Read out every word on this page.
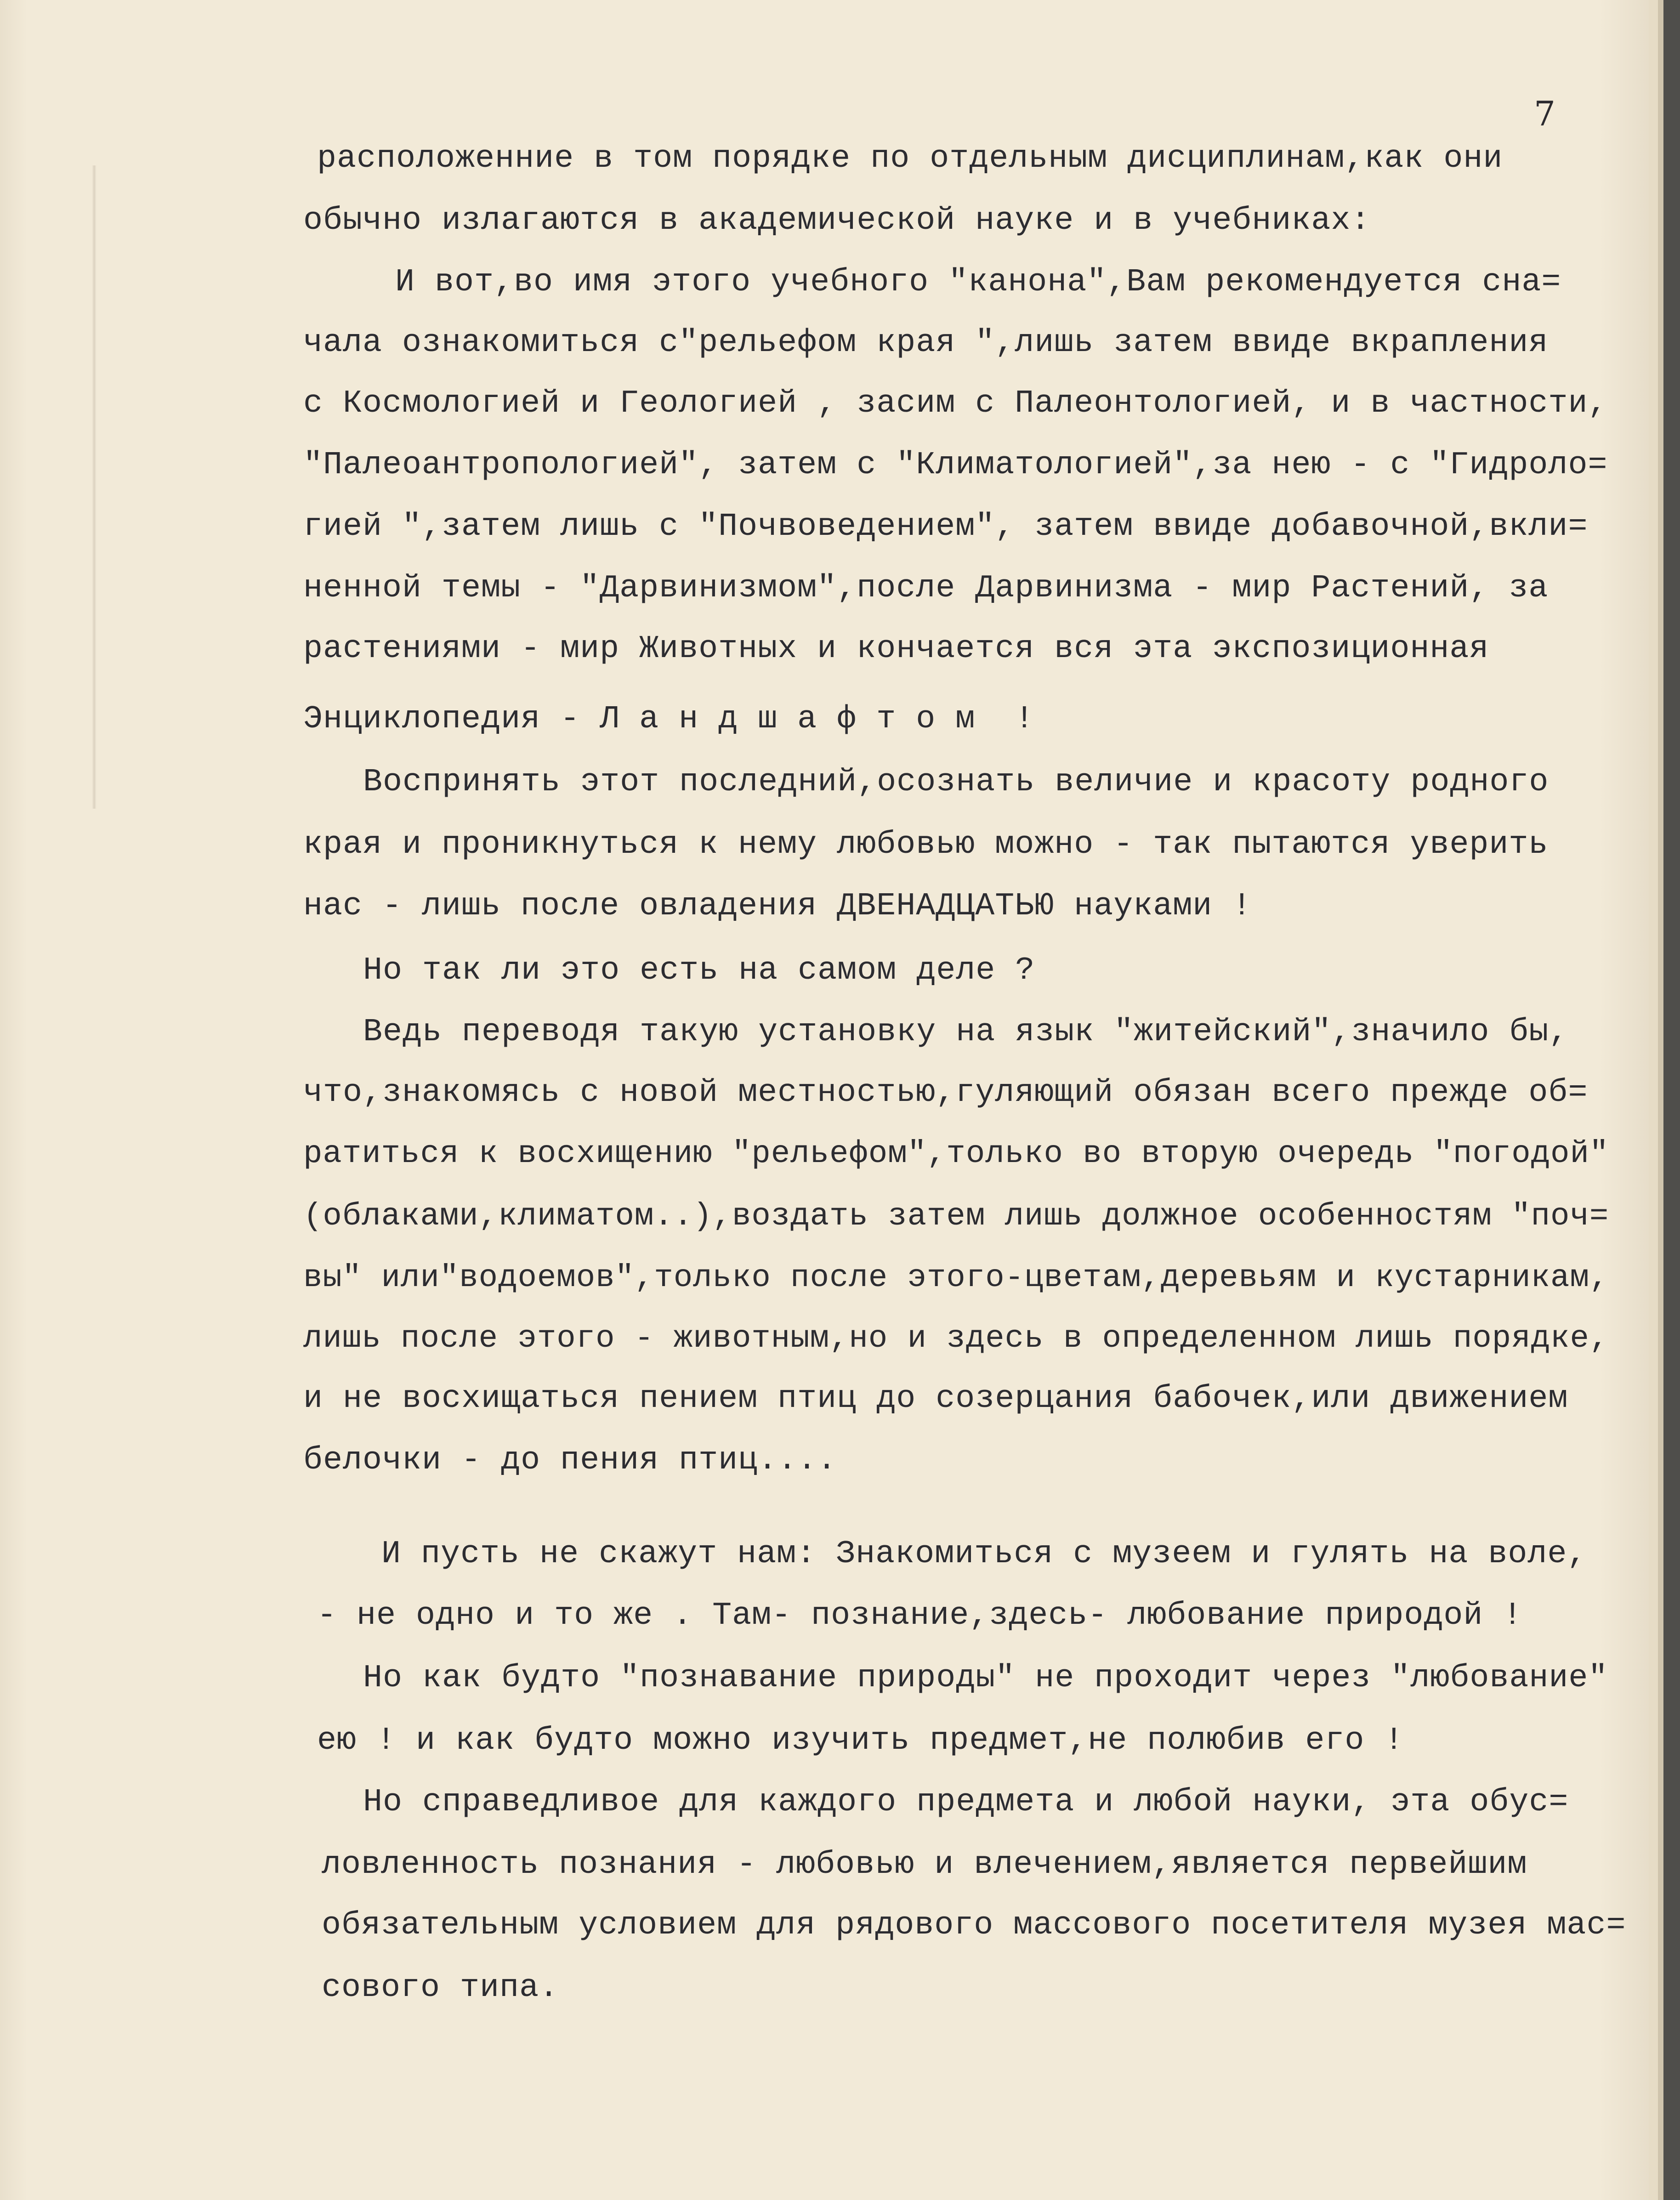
7
расположенние в том порядке по отдельным дисциплинам,как они
обычно излагаются в академической науке и в учебниках:
И вот,во имя этого учебного "канона",Вам рекомендуется сна=
чала ознакомиться с"рельефом края ",лишь затем ввиде вкрапления
с Космологией и Геологией , засим с Палеонтологией, и в частности,
"Палеоантропологией", затем с "Климатологией",за нею - с "Гидроло=
гией ",затем лишь с "Почвоведением", затем ввиде добавочной,вкли=
ненной темы - "Дарвинизмом",после Дарвинизма - мир Растений, за
растениями - мир Животных и кончается вся эта экспозиционная
Энциклопедия - Л а н д ш а ф т о м  !
Воспринять этот последний,осознать величие и красоту родного
края и проникнуться к нему любовью можно - так пытаются уверить
нас - лишь после овладения ДВЕНАДЦАТЬЮ науками !
Но так ли это есть на самом деле ?
Ведь переводя такую установку на язык "житейский",значило бы,
что,знакомясь с новой местностью,гуляющий обязан всего прежде об=
ратиться к восхищению "рельефом",только во вторую очередь "погодой"
(облаками,климатом..),воздать затем лишь должное особенностям "поч=
вы" или"водоемов",только после этого-цветам,деревьям и кустарникам,
лишь после этого - животным,но и здесь в определенном лишь порядке,
и не восхищаться пением птиц до созерцания бабочек,или движением
белочки - до пения птиц....
И пусть не скажут нам: Знакомиться с музеем и гулять на воле,
- не одно и то же . Там- познание,здесь- любование природой !
Но как будто "познавание природы" не проходит через "любование"
ею ! и как будто можно изучить предмет,не полюбив его !
Но справедливое для каждого предмета и любой науки, эта обус=
ловленность познания - любовью и влечением,является первейшим
обязательным условием для рядового массового посетителя музея мас=
сового типа.
